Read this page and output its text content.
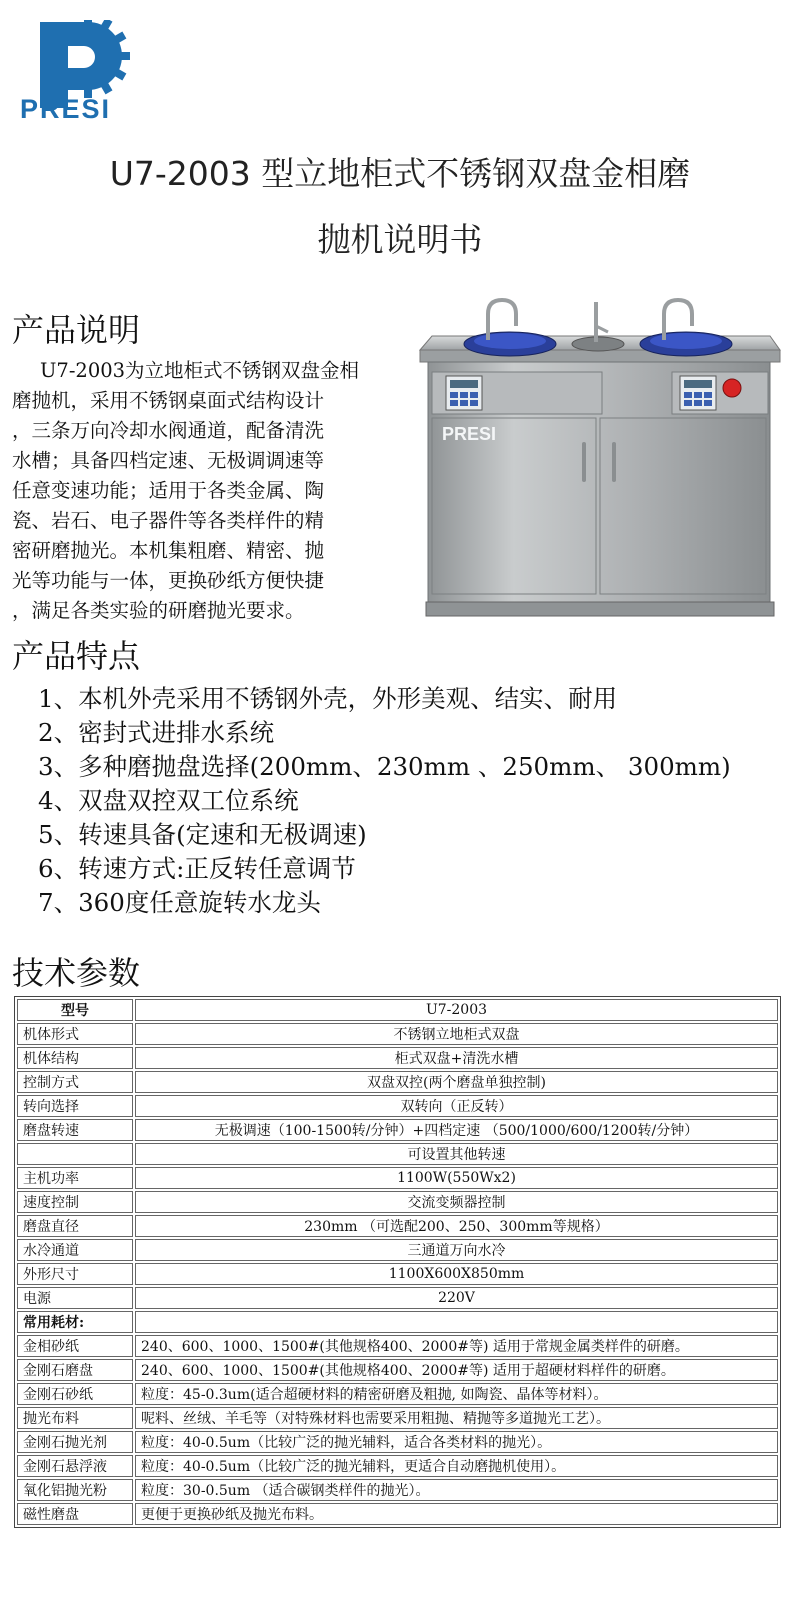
PRESI
U7-2003 型立地柜式不锈钢双盘金相磨
抛机说明书
产品说明
U7-2003为立地柜式不锈钢双盘金相
磨抛机，采用不锈钢桌面式结构设计
，三条万向冷却水阀通道，配备清洗
水槽；具备四档定速、无极调调速等
任意变速功能；适用于各类金属、陶
瓷、岩石、电子器件等各类样件的精
密研磨抛光。本机集粗磨、精密、抛
光等功能与一体，更换砂纸方便快捷
，满足各类实验的研磨抛光要求。
PRESI
产品特点
1、本机外壳采用不锈钢外壳，外形美观、结实、耐用
2、密封式进排水系统
3、多种磨抛盘选择(200mm、230mm 、250mm、 300mm)
4、双盘双控双工位系统
5、转速具备(定速和无极调速)
6、转速方式:正反转任意调节
7、360度任意旋转水龙头
技术参数
型号	U7-2003
机体形式	不锈钢立地柜式双盘
机体结构	柜式双盘+清洗水槽
控制方式	双盘双控(两个磨盘单独控制)
转向选择	双转向（正反转）
磨盘转速	无极调速（100-1500转/分钟）+四档定速 （500/1000/600/1200转/分钟）
	可设置其他转速
主机功率	1100W(550Wx2)
速度控制	交流变频器控制
磨盘直径	230mm （可选配200、250、300mm等规格）
水冷通道	三通道万向水冷
外形尺寸	1100X600X850mm
电源	220V
常用耗材:	
金相砂纸	240、600、1000、1500#(其他规格400、2000#等) 适用于常规金属类样件的研磨。
金刚石磨盘	240、600、1000、1500#(其他规格400、2000#等) 适用于超硬材料样件的研磨。
金刚石砂纸	粒度：45-0.3um(适合超硬材料的精密研磨及粗抛, 如陶瓷、晶体等材料）。
抛光布料	呢料、丝绒、羊毛等（对特殊材料也需要采用粗抛、精抛等多道抛光工艺）。
金刚石抛光剂	粒度：40-0.5um（比较广泛的抛光辅料，适合各类材料的抛光）。
金刚石悬浮液	粒度：40-0.5um（比较广泛的抛光辅料，更适合自动磨抛机使用）。
氧化铝抛光粉	粒度：30-0.5um （适合碳钢类样件的抛光）。
磁性磨盘	更便于更换砂纸及抛光布料。
